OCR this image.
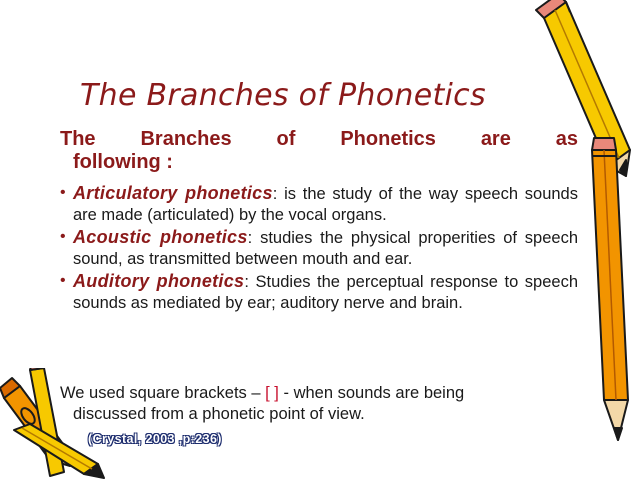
The Branches of Phonetics
The Branches of Phonetics are as
following :
• Articulatory phonetics: is the study of the way speech sounds are made (articulated) by the vocal organs.
• Acoustic phonetics: studies the physical properities of speech sound, as transmitted between mouth and ear.
• Auditory phonetics: Studies the perceptual response to speech sounds as mediated by ear; auditory nerve and brain.
We used square brackets – [ ] - when sounds are being
discussed from a phonetic point of view.
(Crystal, 2003 ,p:236)
